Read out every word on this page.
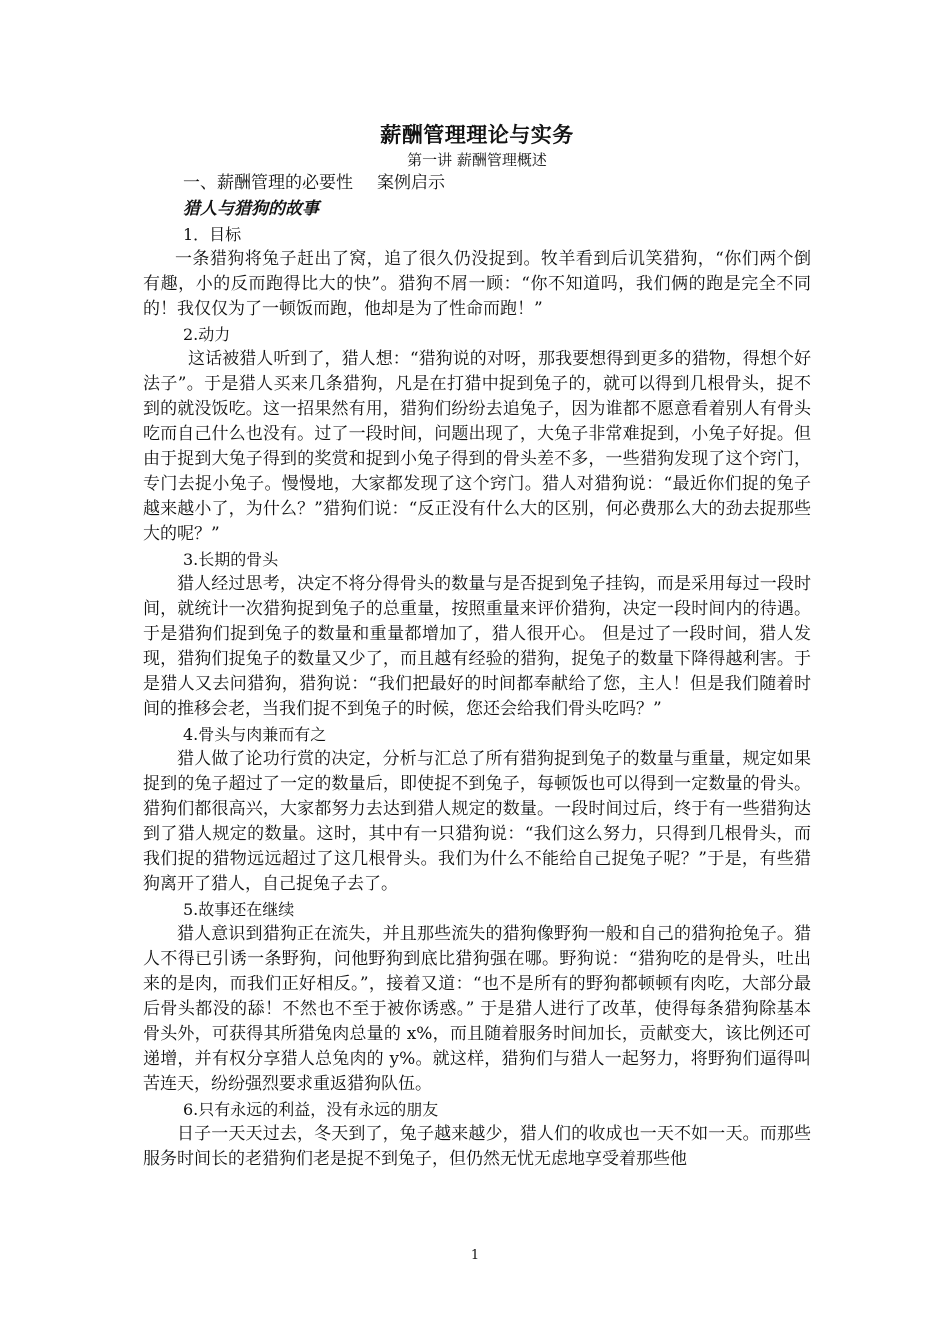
薪酬管理理论与实务
第一讲 薪酬管理概述
一、薪酬管理的必要性 案例启示
猎人与猎狗的故事
1．目标

一条猎狗将兔子赶出了窝，追了很久仍没捉到。牧羊看到后讥笑猎狗，“你们两个倒有趣，小的反而跑得比大的快”。猎狗不屑一顾：“你不知道吗，我们俩的跑是完全不同的！我仅仅为了一顿饭而跑，他却是为了性命而跑！”

2.动力

这话被猎人听到了，猎人想：“猎狗说的对呀，那我要想得到更多的猎物，得想个好法子”。于是猎人买来几条猎狗，凡是在打猎中捉到兔子的，就可以得到几根骨头，捉不到的就没饭吃。这一招果然有用，猎狗们纷纷去追兔子，因为谁都不愿意看着别人有骨头吃而自己什么也没有。过了一段时间，问题出现了，大兔子非常难捉到，小兔子好捉。但由于捉到大兔子得到的奖赏和捉到小兔子得到的骨头差不多，一些猎狗发现了这个窍门，专门去捉小兔子。慢慢地，大家都发现了这个窍门。猎人对猎狗说：“最近你们捉的兔子越来越小了，为什么？”猎狗们说：“反正没有什么大的区别，何必费那么大的劲去捉那些大的呢？”

3.长期的骨头

猎人经过思考，决定不将分得骨头的数量与是否捉到兔子挂钩，而是采用每过一段时间，就统计一次猎狗捉到兔子的总重量，按照重量来评价猎狗，决定一段时间内的待遇。于是猎狗们捉到兔子的数量和重量都增加了，猎人很开心。 但是过了一段时间，猎人发现，猎狗们捉兔子的数量又少了，而且越有经验的猎狗，捉兔子的数量下降得越利害。于是猎人又去问猎狗，猎狗说：“我们把最好的时间都奉献给了您，主人！但是我们随着时间的推移会老，当我们捉不到兔子的时候，您还会给我们骨头吃吗？”

4.骨头与肉兼而有之

猎人做了论功行赏的决定，分析与汇总了所有猎狗捉到兔子的数量与重量，规定如果捉到的兔子超过了一定的数量后，即使捉不到兔子，每顿饭也可以得到一定数量的骨头。猎狗们都很高兴，大家都努力去达到猎人规定的数量。一段时间过后，终于有一些猎狗达到了猎人规定的数量。这时，其中有一只猎狗说：“我们这么努力，只得到几根骨头，而我们捉的猎物远远超过了这几根骨头。我们为什么不能给自己捉兔子呢？”于是，有些猎狗离开了猎人，自己捉兔子去了。

5.故事还在继续

猎人意识到猎狗正在流失，并且那些流失的猎狗像野狗一般和自己的猎狗抢兔子。猎人不得已引诱一条野狗，问他野狗到底比猎狗强在哪。野狗说：“猎狗吃的是骨头，吐出来的是肉，而我们正好相反。”，接着又道：“也不是所有的野狗都顿顿有肉吃，大部分最后骨头都没的舔！不然也不至于被你诱惑。” 于是猎人进行了改革，使得每条猎狗除基本骨头外，可获得其所猎兔肉总量的 x%，而且随着服务时间加长，贡献变大，该比例还可递增，并有权分享猎人总兔肉的 y%。就这样，猎狗们与猎人一起努力，将野狗们逼得叫苦连天，纷纷强烈要求重返猎狗队伍。

6.只有永远的利益，没有永远的朋友

日子一天天过去，冬天到了，兔子越来越少，猎人们的收成也一天不如一天。而那些服务时间长的老猎狗们老是捉不到兔子，但仍然无忧无虑地享受着那些他

1
